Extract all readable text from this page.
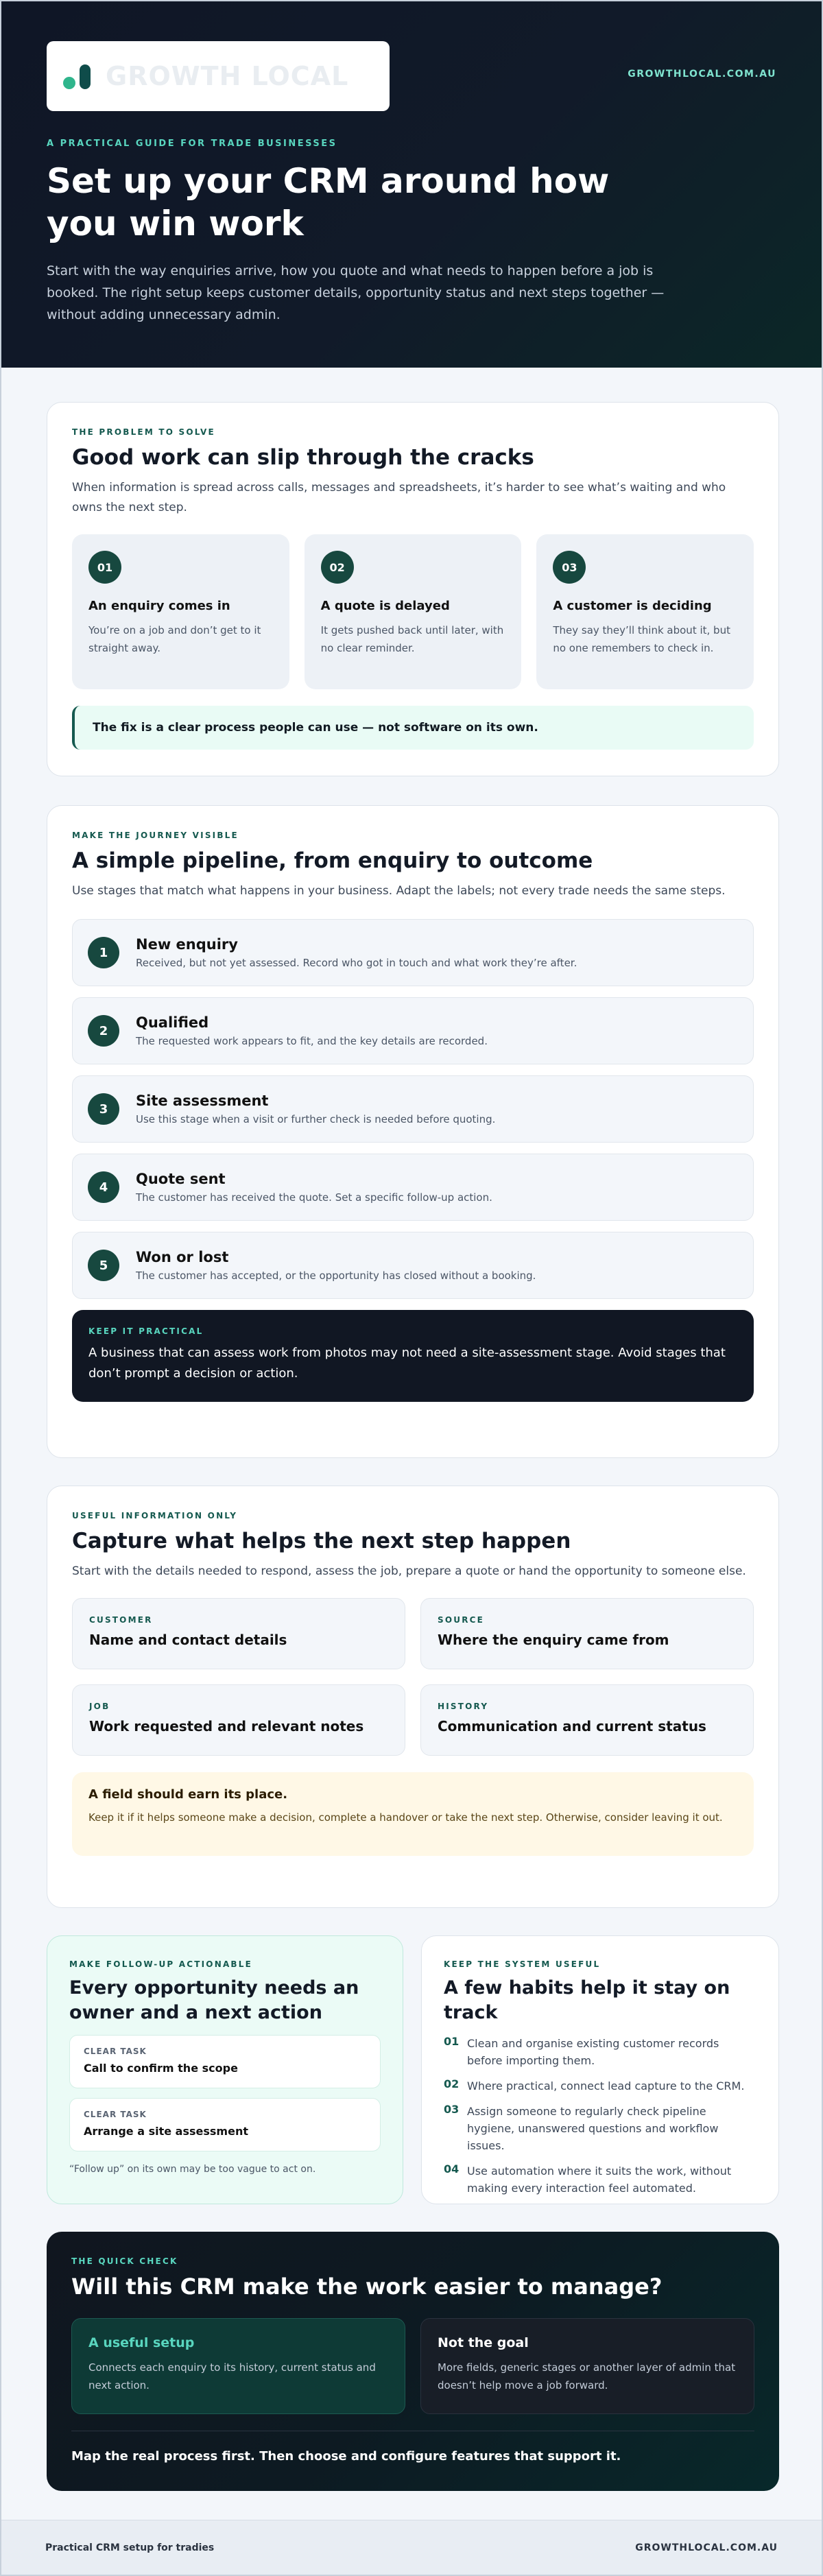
GROWTH LOCAL	GROWTHLOCAL.COM.AU
A PRACTICAL GUIDE FOR TRADE BUSINESSES
Set up your CRM around how you win work

Start with the way enquiries arrive, how you quote and what needs to happen before a job is booked. The right setup keeps customer details, opportunity status and next steps together — without adding unnecessary admin.

THE PROBLEM TO SOLVE
Good work can slip through the cracks

When information is spread across calls, messages and spreadsheets, it’s harder to see what’s waiting and who owns the next step.

01
An enquiry comes in

You’re on a job and don’t get to it straight away.

02
A quote is delayed

It gets pushed back until later, with no clear reminder.

03
A customer is deciding

They say they’ll think about it, but no one remembers to check in.

The fix is a clear process people can use — not software on its own.
MAKE THE JOURNEY VISIBLE
A simple pipeline, from enquiry to outcome

Use stages that match what happens in your business. Adapt the labels; not every trade needs the same steps.

1	New enquiry

Received, but not yet assessed. Record who got in touch and what work they’re after.

2	Qualified

The requested work appears to fit, and the key details are recorded.

3	Site assessment

Use this stage when a visit or further check is needed before quoting.

4	Quote sent

The customer has received the quote. Set a specific follow-up action.

5	Won or lost

The customer has accepted, or the opportunity has closed without a booking.

KEEP IT PRACTICAL

A business that can assess work from photos may not need a site-assessment stage. Avoid stages that don’t prompt a decision or action.

USEFUL INFORMATION ONLY
Capture what helps the next step happen

Start with the details needed to respond, assess the job, prepare a quote or hand the opportunity to someone else.

CUSTOMER
Name and contact details
SOURCE
Where the enquiry came from
JOB
Work requested and relevant notes
HISTORY
Communication and current status
A field should earn its place.

Keep it if it helps someone make a decision, complete a handover or take the next step. Otherwise, consider leaving it out.

MAKE FOLLOW-UP ACTIONABLE
Every opportunity needs an owner and a next action
CLEAR TASK
Call to confirm the scope
CLEAR TASK
Arrange a site assessment

“Follow up” on its own may be too vague to act on.

KEEP THE SYSTEM USEFUL
A few habits help it stay on track
01 Clean and organise existing customer records before importing them.
02 Where practical, connect lead capture to the CRM.
03 Assign someone to regularly check pipeline hygiene, unanswered questions and workflow issues.
04 Use automation where it suits the work, without making every interaction feel automated.
THE QUICK CHECK
Will this CRM make the work easier to manage?
A useful setup

Connects each enquiry to its history, current status and next action.

Not the goal

More fields, generic stages or another layer of admin that doesn’t help move a job forward.

Map the real process first. Then choose and configure features that support it.

Practical CRM setup for tradies	GROWTHLOCAL.COM.AU
